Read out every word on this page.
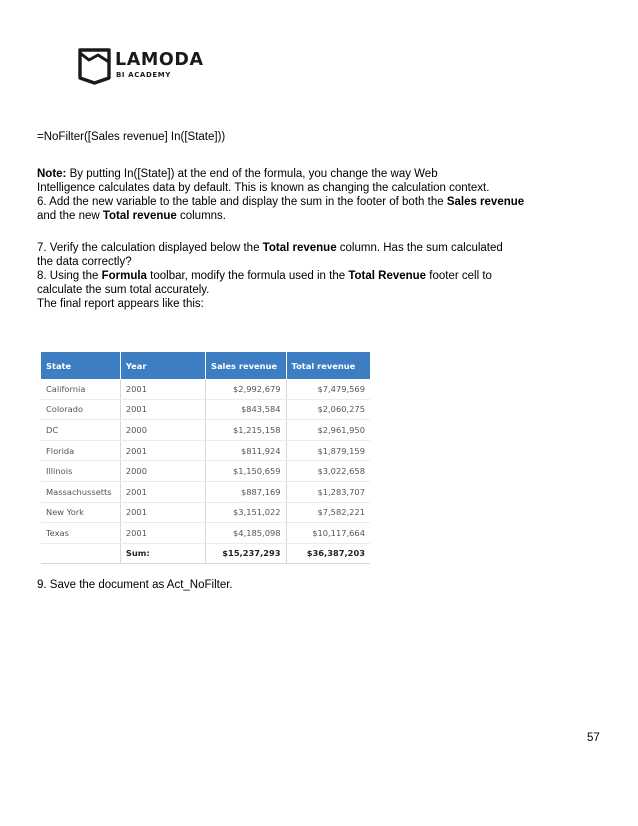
LAMODA
BI ACADEMY
=NoFilter([Sales revenue] In([State]))
Note: By putting In([State]) at the end of the formula, you change the way Web
Intelligence calculates data by default. This is known as changing the calculation context.
6. Add the new variable to the table and display the sum in the footer of both the Sales revenue
and the new Total revenue columns.
7. Verify the calculation displayed below the Total revenue column. Has the sum calculated
the data correctly?
8. Using the Formula toolbar, modify the formula used in the Total Revenue footer cell to
calculate the sum total accurately.
The final report appears like this:
State	Year	Sales revenue	Total revenue
California	2001	$2,992,679	$7,479,569
Colorado	2001	$843,584	$2,060,275
DC	2000	$1,215,158	$2,961,950
Florida	2001	$811,924	$1,879,159
Illinois	2000	$1,150,659	$3,022,658
Massachussetts	2001	$887,169	$1,283,707
New York	2001	$3,151,022	$7,582,221
Texas	2001	$4,185,098	$10,117,664
	Sum:	$15,237,293	$36,387,203
9. Save the document as Act_NoFilter.
57
